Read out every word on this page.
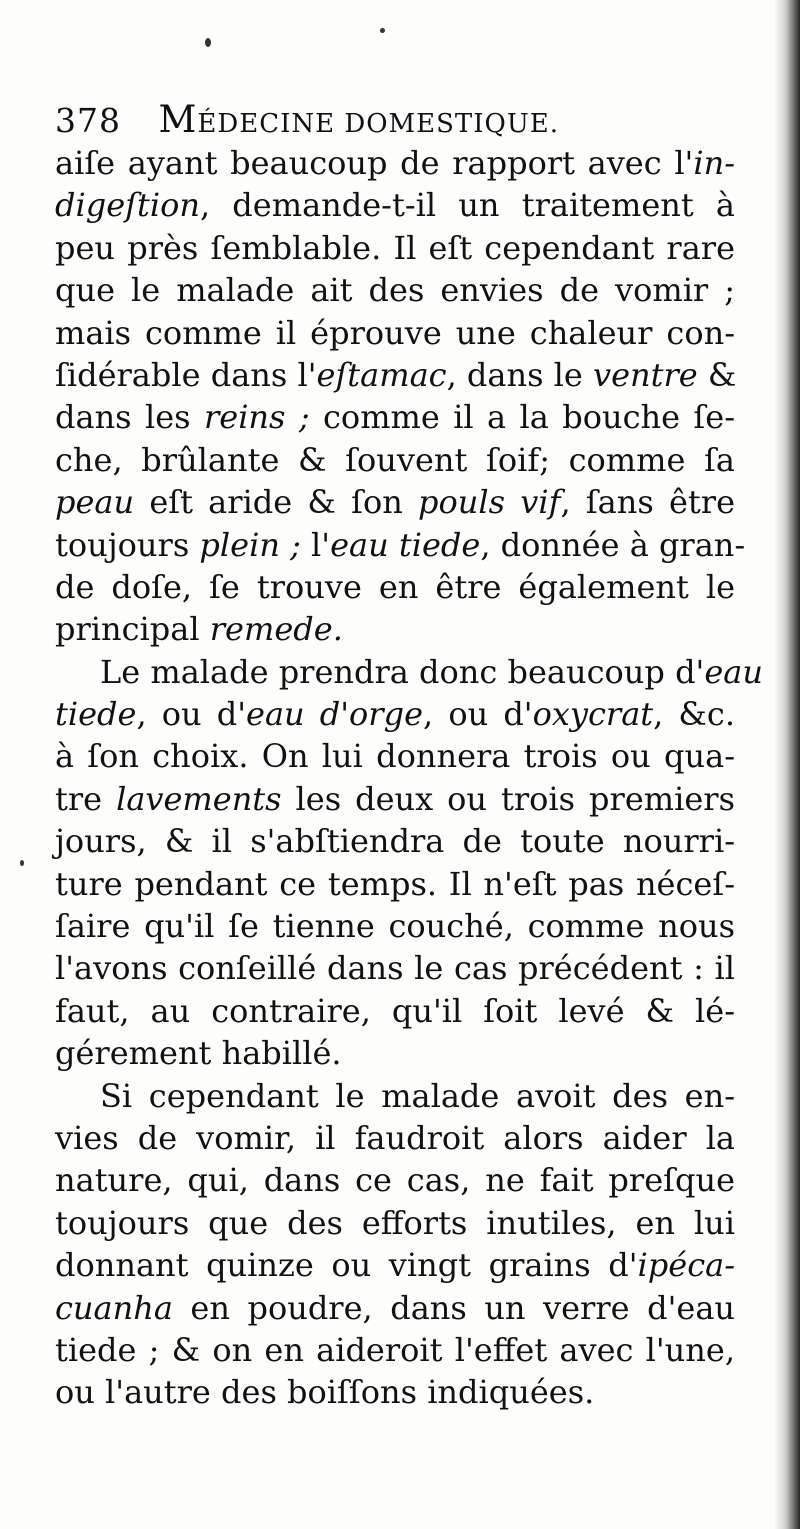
378 MÉDECINE DOMESTIQUE.
aiſe ayant beaucoup de rapport avec l'in-
digeſtion, demande-t-il un traitement à
peu près ſemblable. Il eſt cependant rare
que le malade ait des envies de vomir ;
mais comme il éprouve une chaleur con-
ſidérable dans l'eſtamac, dans le ventre &
dans les reins ; comme il a la bouche ſe-
che, brûlante & ſouvent ſoif; comme ſa
peau eſt aride & ſon pouls vif, ſans être
toujours plein ; l'eau tiede, donnée à gran-
de doſe, ſe trouve en être également le
principal remede.
Le malade prendra donc beaucoup d'eau
tiede, ou d'eau d'orge, ou d'oxycrat, &c.
à ſon choix. On lui donnera trois ou qua-
tre lavements les deux ou trois premiers
jours, & il s'abſtiendra de toute nourri-
ture pendant ce temps. Il n'eſt pas néceſ-
ſaire qu'il ſe tienne couché, comme nous
l'avons conſeillé dans le cas précédent : il
faut, au contraire, qu'il ſoit levé & lé-
gérement habillé.
Si cependant le malade avoit des en-
vies de vomir, il faudroit alors aider la
nature, qui, dans ce cas, ne fait preſque
toujours que des efforts inutiles, en lui
donnant quinze ou vingt grains d'ipéca-
cuanha en poudre, dans un verre d'eau
tiede ; & on en aideroit l'effet avec l'une,
ou l'autre des boiſſons indiquées.
